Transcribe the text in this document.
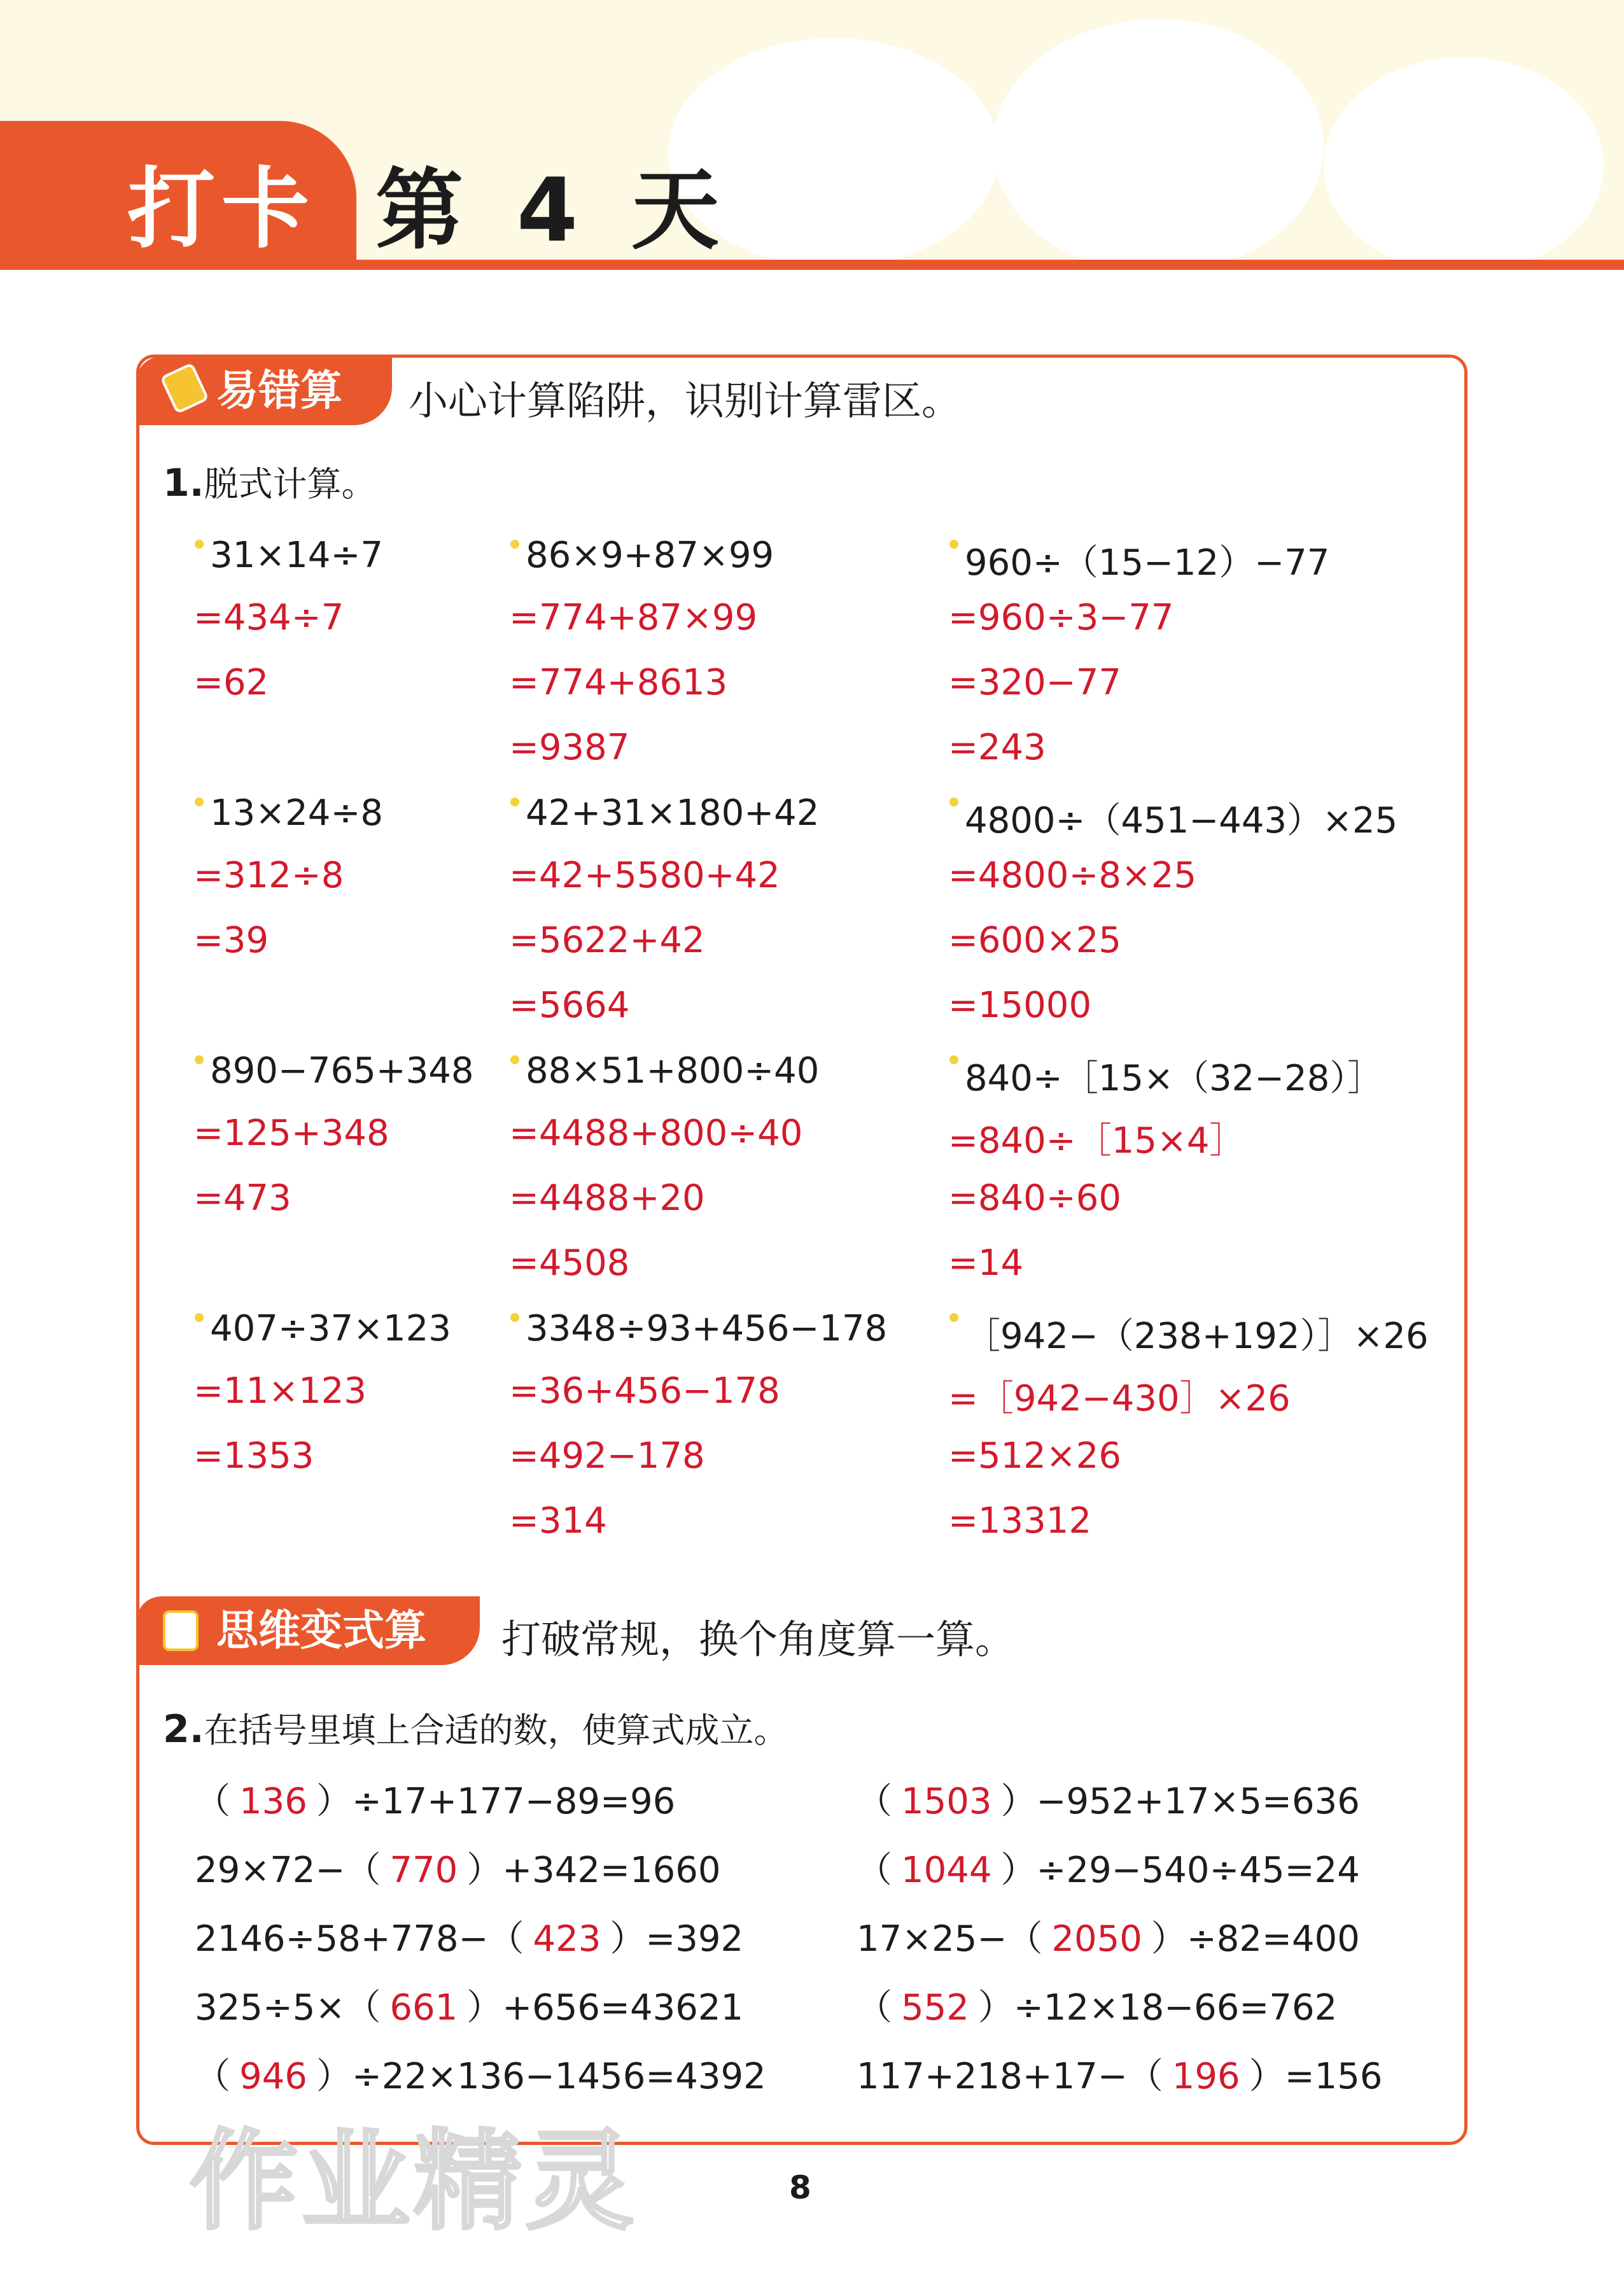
打卡 第 4 天
易错算	小心计算陷阱，识别计算雷区。
1.脱式计算。
31×14÷7
=434÷7
=62
86×9+87×99
=774+87×99
=774+8613
=9387
960÷（15−12）−77
=960÷3−77
=320−77
=243
13×24÷8
=312÷8
=39
42+31×180+42
=42+5580+42
=5622+42
=5664
4800÷（451−443）×25
=4800÷8×25
=600×25
=15000
890−765+348
=125+348
=473
88×51+800÷40
=4488+800÷40
=4488+20
=4508
840÷［15×（32−28）］
=840÷［15×4］
=840÷60
=14
407÷37×123
=11×123
=1353
3348÷93+456−178
=36+456−178
=492−178
=314
［942−（238+192）］×26
=［942−430］×26
=512×26
=13312
思维变式算	打破常规，换个角度算一算。
2.在括号里填上合适的数，使算式成立。
（ 136 ）÷17+177−89=96	（ 1503 ）−952+17×5=636
29×72−（ 770 ）+342=1660	（ 1044 ）÷29−540÷45=24
2146÷58+778−（ 423 ）=392	17×25−（ 2050 ）÷82=400
325÷5×（ 661 ）+656=43621	（ 552 ）÷12×18−66=762
（ 946 ）÷22×136−1456=4392	117+218+17−（ 196 ）=156
作业精灵	8
